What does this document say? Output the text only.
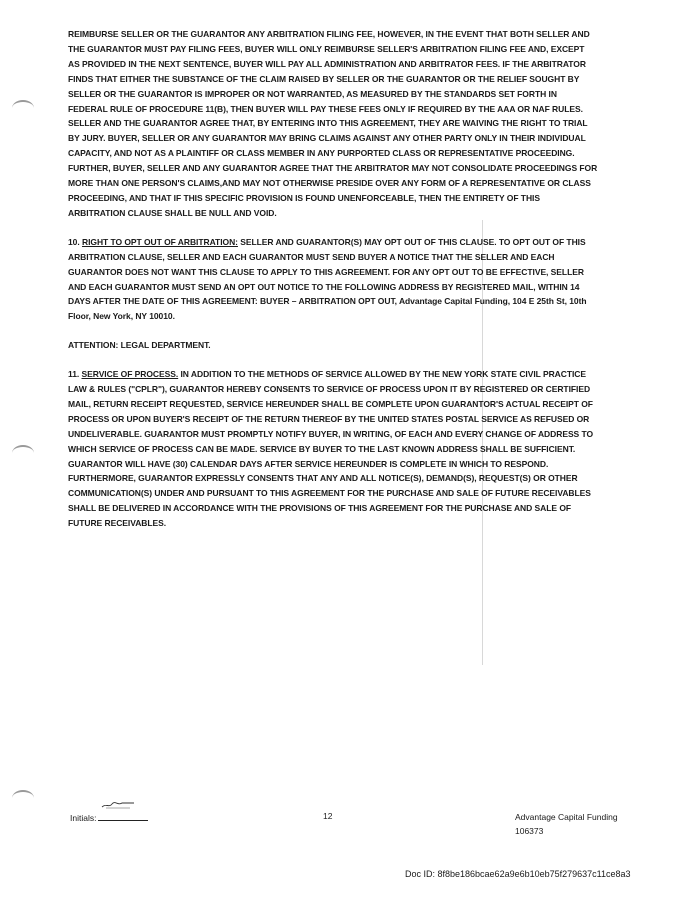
REIMBURSE SELLER OR THE GUARANTOR ANY ARBITRATION FILING FEE, HOWEVER, IN THE EVENT THAT BOTH SELLER AND THE GUARANTOR MUST PAY FILING FEES, BUYER WILL ONLY REIMBURSE SELLER'S ARBITRATION FILING FEE AND, EXCEPT AS PROVIDED IN THE NEXT SENTENCE, BUYER WILL PAY ALL ADMINISTRATION AND ARBITRATOR FEES. IF THE ARBITRATOR FINDS THAT EITHER THE SUBSTANCE OF THE CLAIM RAISED BY SELLER OR THE GUARANTOR OR THE RELIEF SOUGHT BY SELLER OR THE GUARANTOR IS IMPROPER OR NOT WARRANTED, AS MEASURED BY THE STANDARDS SET FORTH IN FEDERAL RULE OF PROCEDURE 11(B), THEN BUYER WILL PAY THESE FEES ONLY IF REQUIRED BY THE AAA OR NAF RULES. SELLER AND THE GUARANTOR AGREE THAT, BY ENTERING INTO THIS AGREEMENT, THEY ARE WAIVING THE RIGHT TO TRIAL BY JURY. BUYER, SELLER OR ANY GUARANTOR MAY BRING CLAIMS AGAINST ANY OTHER PARTY ONLY IN THEIR INDIVIDUAL CAPACITY, AND NOT AS A PLAINTIFF OR CLASS MEMBER IN ANY PURPORTED CLASS OR REPRESENTATIVE PROCEEDING. FURTHER, BUYER, SELLER AND ANY GUARANTOR AGREE THAT THE ARBITRATOR MAY NOT CONSOLIDATE PROCEEDINGS FOR MORE THAN ONE PERSON'S CLAIMS,AND MAY NOT OTHERWISE PRESIDE OVER ANY FORM OF A REPRESENTATIVE OR CLASS PROCEEDING, AND THAT IF THIS SPECIFIC PROVISION IS FOUND UNENFORCEABLE, THEN THE ENTIRETY OF THIS ARBITRATION CLAUSE SHALL BE NULL AND VOID.

10. RIGHT TO OPT OUT OF ARBITRATION: SELLER AND GUARANTOR(S) MAY OPT OUT OF THIS CLAUSE. TO OPT OUT OF THIS ARBITRATION CLAUSE, SELLER AND EACH GUARANTOR MUST SEND BUYER A NOTICE THAT THE SELLER AND EACH GUARANTOR DOES NOT WANT THIS CLAUSE TO APPLY TO THIS AGREEMENT. FOR ANY OPT OUT TO BE EFFECTIVE, SELLER AND EACH GUARANTOR MUST SEND AN OPT OUT NOTICE TO THE FOLLOWING ADDRESS BY REGISTERED MAIL, WITHIN 14 DAYS AFTER THE DATE OF THIS AGREEMENT: BUYER – ARBITRATION OPT OUT, Advantage Capital Funding, 104 E 25th St, 10th Floor, New York, NY 10010.

ATTENTION: LEGAL DEPARTMENT.

11. SERVICE OF PROCESS. IN ADDITION TO THE METHODS OF SERVICE ALLOWED BY THE NEW YORK STATE CIVIL PRACTICE LAW & RULES ("CPLR"), GUARANTOR HEREBY CONSENTS TO SERVICE OF PROCESS UPON IT BY REGISTERED OR CERTIFIED MAIL, RETURN RECEIPT REQUESTED, SERVICE HEREUNDER SHALL BE COMPLETE UPON GUARANTOR'S ACTUAL RECEIPT OF PROCESS OR UPON BUYER'S RECEIPT OF THE RETURN THEREOF BY THE UNITED STATES POSTAL SERVICE AS REFUSED OR UNDELIVERABLE. GUARANTOR MUST PROMPTLY NOTIFY BUYER, IN WRITING, OF EACH AND EVERY CHANGE OF ADDRESS TO WHICH SERVICE OF PROCESS CAN BE MADE. SERVICE BY BUYER TO THE LAST KNOWN ADDRESS SHALL BE SUFFICIENT. GUARANTOR WILL HAVE (30) CALENDAR DAYS AFTER SERVICE HEREUNDER IS COMPLETE IN WHICH TO RESPOND. FURTHERMORE, GUARANTOR EXPRESSLY CONSENTS THAT ANY AND ALL NOTICE(S), DEMAND(S), REQUEST(S) OR OTHER COMMUNICATION(S) UNDER AND PURSUANT TO THIS AGREEMENT FOR THE PURCHASE AND SALE OF FUTURE RECEIVABLES SHALL BE DELIVERED IN ACCORDANCE WITH THE PROVISIONS OF THIS AGREEMENT FOR THE PURCHASE AND SALE OF FUTURE RECEIVABLES.

Initials:	12	Advantage Capital Funding
106373
Doc ID: 8f8be186bcae62a9e6b10eb75f279637c11ce8a3
